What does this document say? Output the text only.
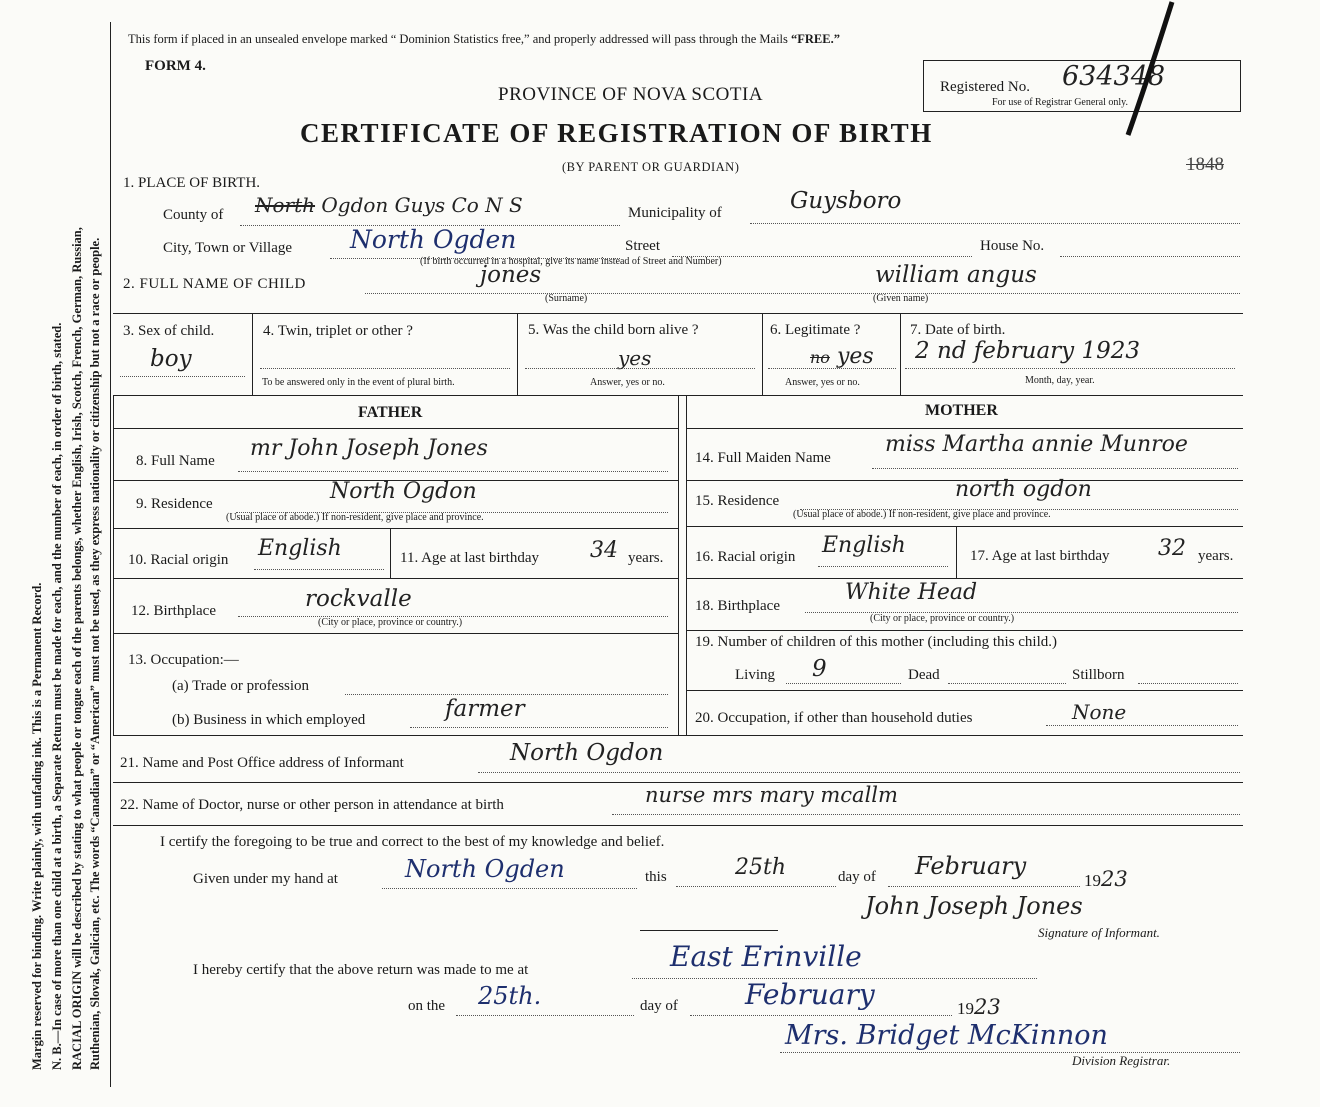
Margin reserved for binding. Write plainly, with unfading ink. This is a Permanent Record. N. B.—In case of more than one child at a birth, a Separate Return must be made for each, and the number of each, in order of birth, stated. RACIAL ORIGIN will be described by stating to what people or tongue each of the parents belongs, whether English, Irish, Scotch, French, German, Russian, Ruthenian, Slovak, Galician, etc. The words “Canadian” or “American” must not be used, as they express nationality or citizenship but not a race or people.
This form if placed in an unsealed envelope marked “ Dominion Statistics free,” and properly addressed will pass through the Mails “FREE.”
FORM 4.
PROVINCE OF NOVA SCOTIA
CERTIFICATE OF REGISTRATION OF BIRTH
(BY PARENT OR GUARDIAN)
Registered No. 634348
For use of Registrar General only.
1848
1. PLACE OF BIRTH.
County of North Ogdon Guys Co N S	Municipality of	Guysboro
City, Town or Village North Ogden	Street	House No.
(If birth occurred in a hospital, give its name instead of Street and Number)
2. FULL NAME OF CHILD	jones
(Surname)
william angus
(Given name)
3. Sex of child.
boy
4. Twin, triplet or other ?
To be answered only in the event of plural birth.
5. Was the child born alive ?
yes
Answer, yes or no.
6. Legitimate ?
no yes
Answer, yes or no.
7. Date of birth.
2 nd february 1923
Month, day, year.
FATHER	MOTHER
8. Full Name mr John Joseph Jones
9. Residence	North Ogdon
(Usual place of abode.) If non-resident, give place and province.
10. Racial origin English	11. Age at last birthday 34 years.
12. Birthplace	rockvalle
(City or place, province or country.)
13. Occupation:—
(a) Trade or profession
(b) Business in which employed	farmer
14. Full Maiden Name
miss Martha annie Munroe
15. Residence	north ogdon
(Usual place of abode.) If non-resident, give place and province.
16. Racial origin English	17. Age at last birthday 32 years.
18. Birthplace
White Head
(City or place, province or country.)
19. Number of children of this mother (including this child.)
Living 9	Dead	Stillborn
20. Occupation, if other than household duties	None
21. Name and Post Office address of Informant	North Ogdon
22. Name of Doctor, nurse or other person in attendance at birth	nurse mrs mary mcallm
I certify the foregoing to be true and correct to the best of my knowledge and belief.
Given under my hand at	North Ogden	this	25th	day of February
1923
John Joseph Jones
Signature of Informant.
I hereby certify that the above return was made to me at	East Erinville
on the 25th.	day of February	1923
Mrs. Bridget McKinnon
Division Registrar.
